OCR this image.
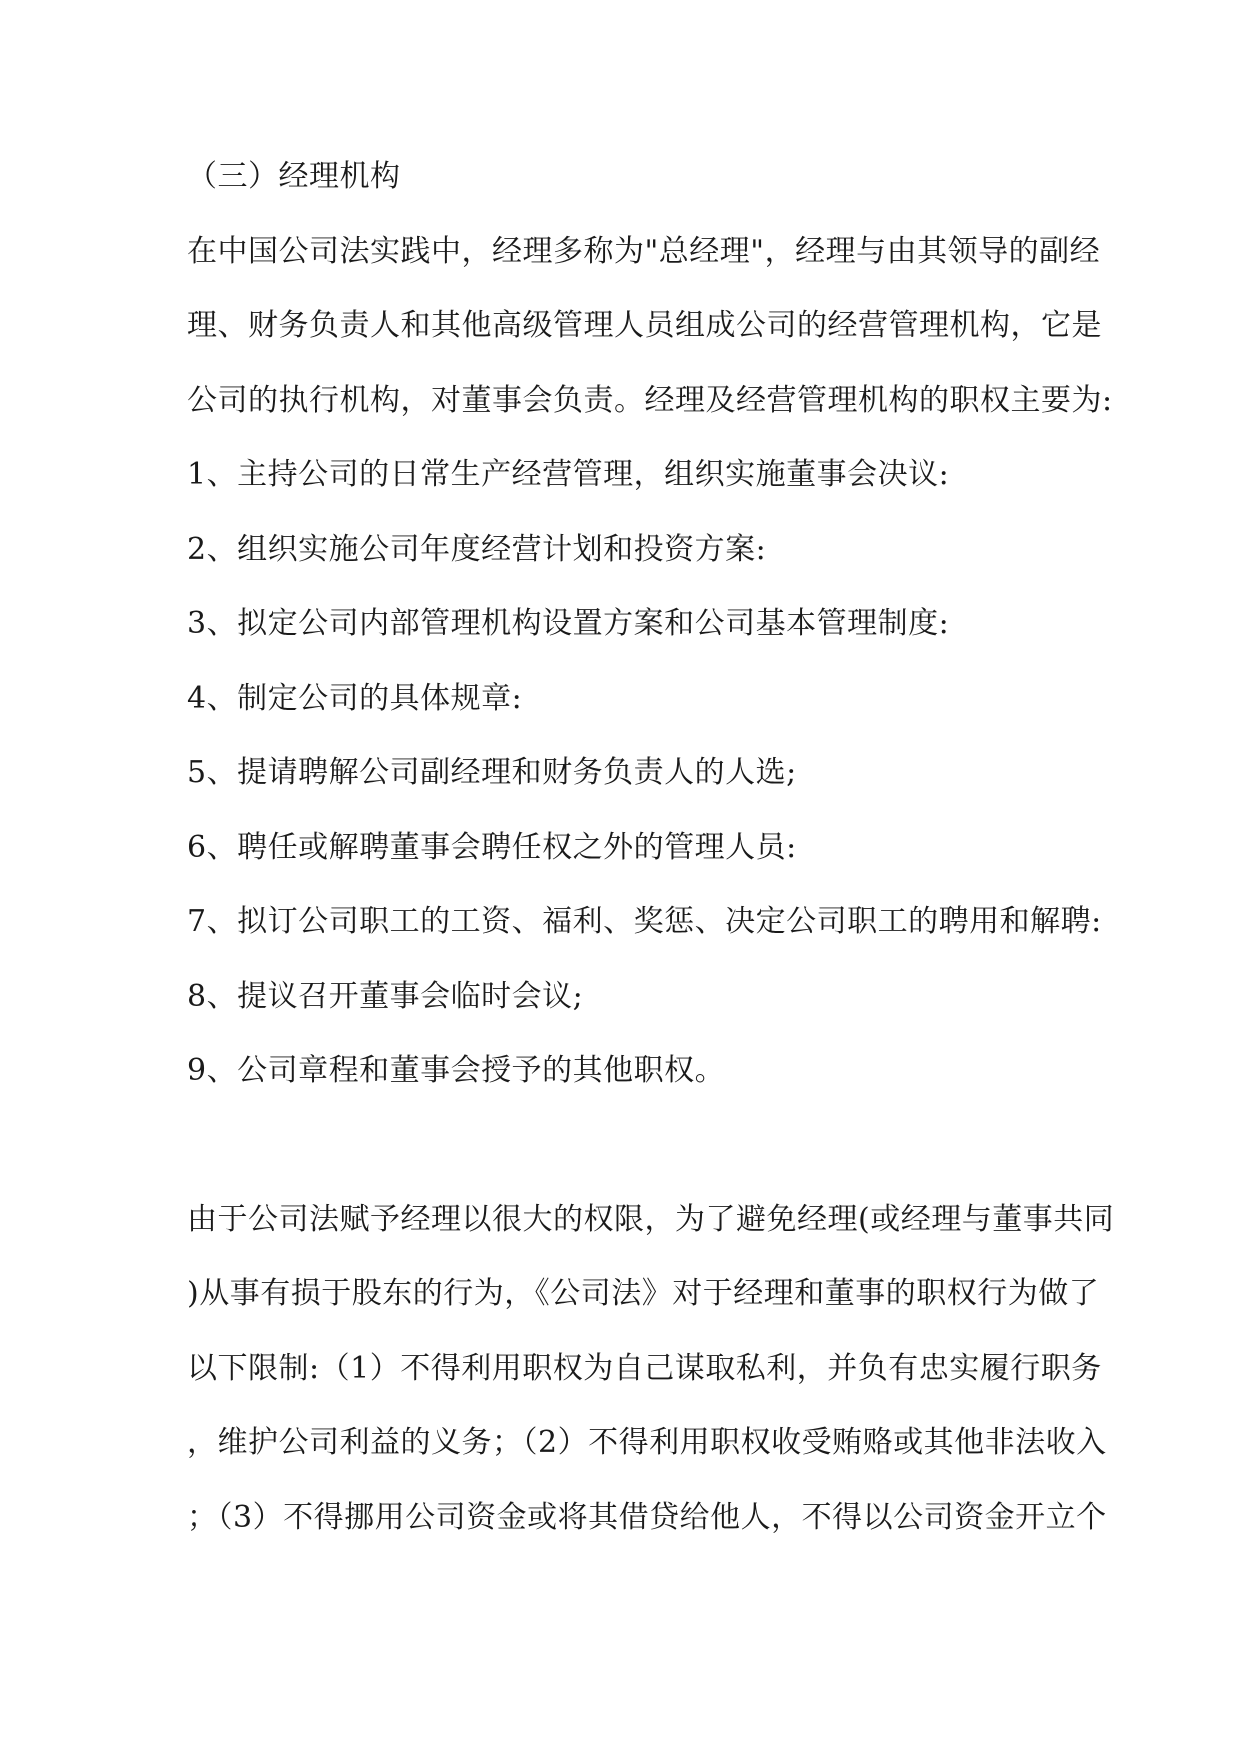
（三）经理机构
在中国公司法实践中，经理多称为"总经理"，经理与由其领导的副经
理、财务负责人和其他高级管理人员组成公司的经营管理机构，它是
公司的执行机构，对董事会负责。经理及经营管理机构的职权主要为:
1、主持公司的日常生产经营管理，组织实施董事会决议:
2、组织实施公司年度经营计划和投资方案:
3、拟定公司内部管理机构设置方案和公司基本管理制度:
4、制定公司的具体规章:
5、提请聘解公司副经理和财务负责人的人选;
6、聘任或解聘董事会聘任权之外的管理人员:
7、拟订公司职工的工资、福利、奖惩、决定公司职工的聘用和解聘:
8、提议召开董事会临时会议;
9、公司章程和董事会授予的其他职权。
由于公司法赋予经理以很大的权限，为了避免经理(或经理与董事共同
)从事有损于股东的行为，《公司法》对于经理和董事的职权行为做了
以下限制:（1）不得利用职权为自己谋取私利，并负有忠实履行职务
，维护公司利益的义务；（2）不得利用职权收受贿赂或其他非法收入
；（3）不得挪用公司资金或将其借贷给他人，不得以公司资金开立个
